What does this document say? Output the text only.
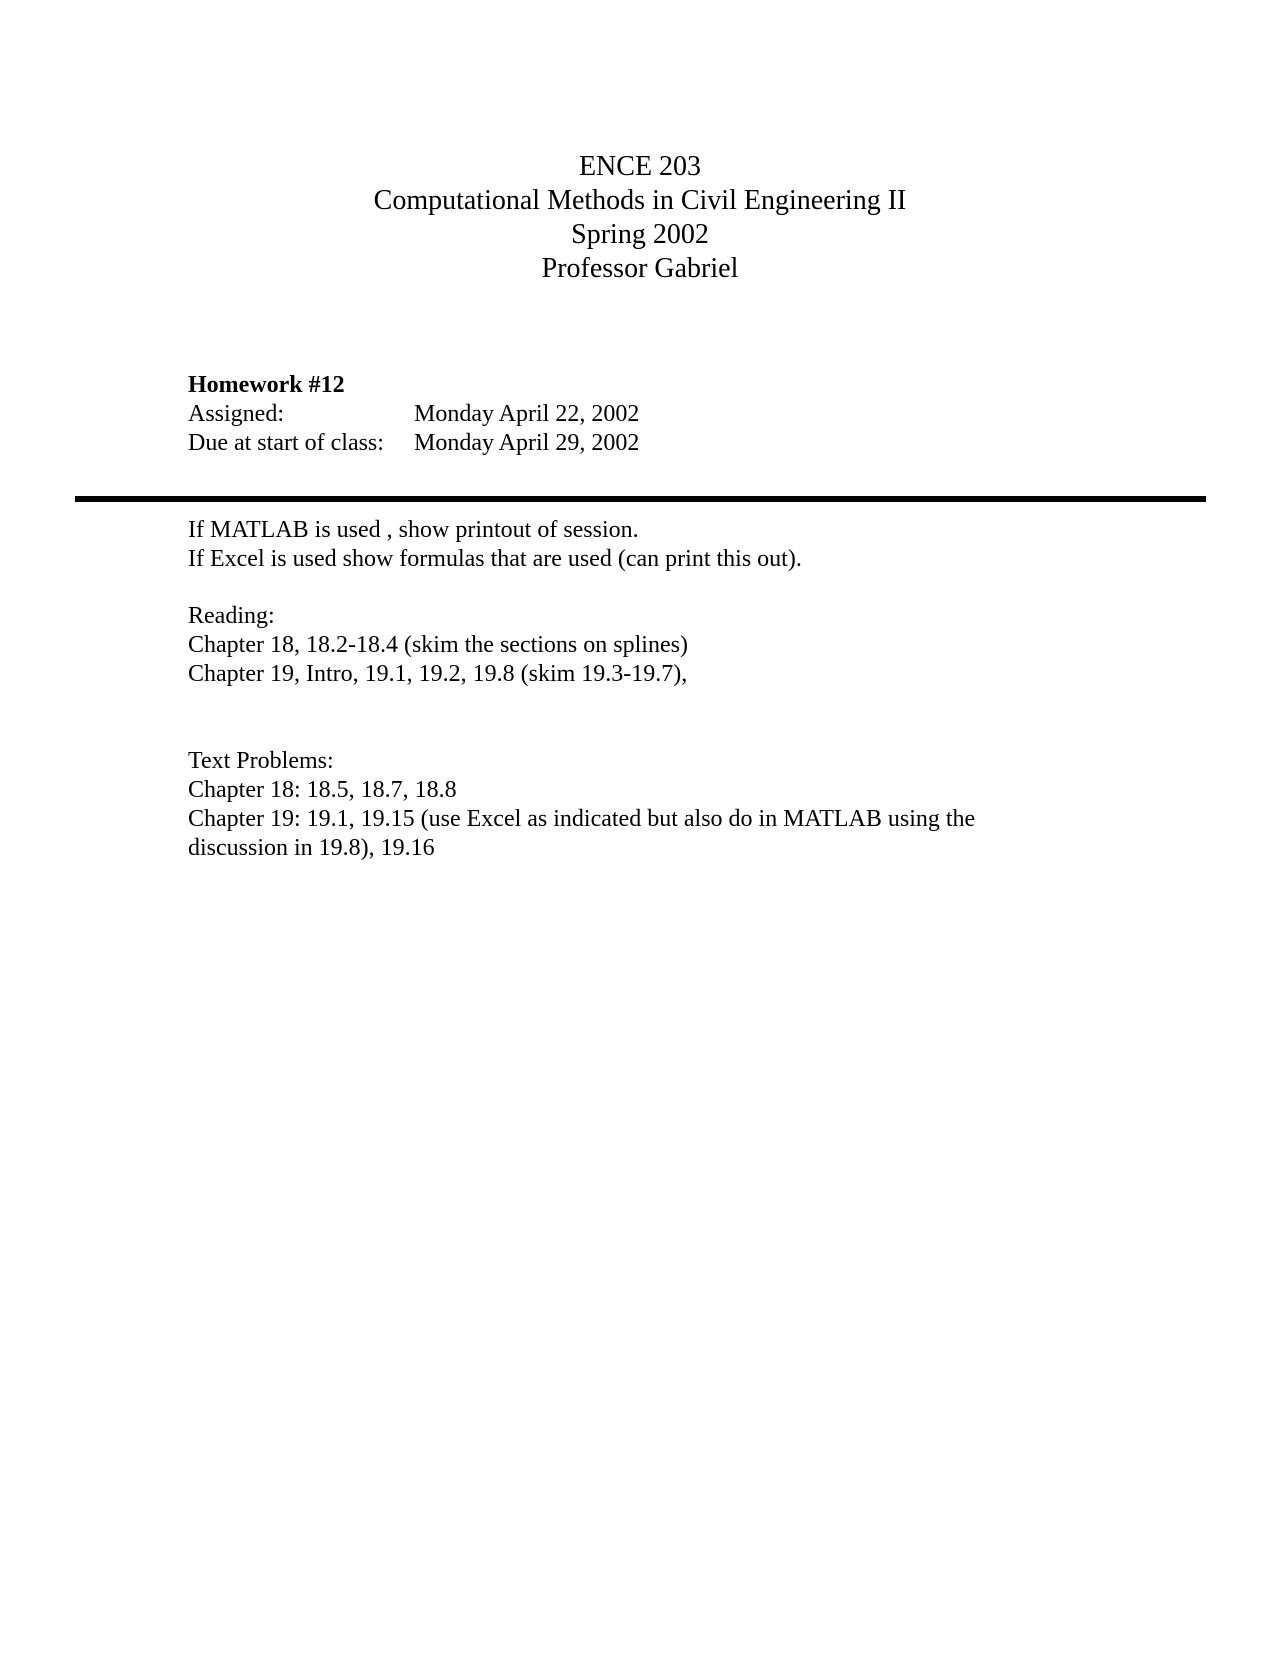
ENCE 203
Computational Methods in Civil Engineering II
Spring 2002
Professor Gabriel
Homework #12
Assigned:	Monday April 22, 2002
Due at start of class:	Monday April 29, 2002
If MATLAB is used , show printout of session.
If Excel is used show formulas that are used (can print this out).
Reading:
Chapter 18, 18.2-18.4 (skim the sections on splines)
Chapter 19, Intro, 19.1, 19.2, 19.8 (skim 19.3-19.7),
Text Problems:
Chapter 18: 18.5, 18.7, 18.8
Chapter 19: 19.1, 19.15 (use Excel as indicated but also do in MATLAB using the
discussion in 19.8), 19.16
